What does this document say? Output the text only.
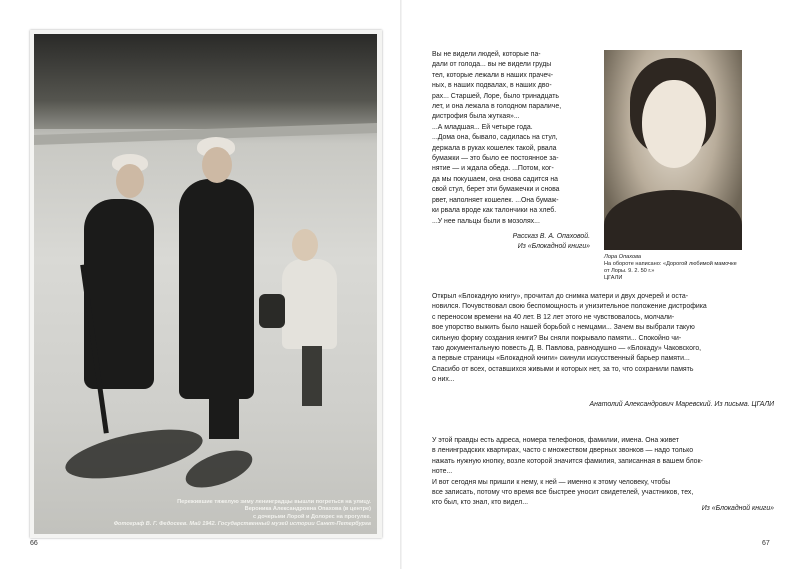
Пережившие тяжелую зиму ленинградцы вышли погреться на улицу.
Вероника Александровна Опахова (в центре)
с дочерьми Лорой и Долорес на прогулке.
Фотограф В. Г. Федосеев. Май 1942. Государственный музей истории Санкт-Петербурга
66
Вы не видели людей, которые па-
дали от голода... вы не видели груды
тел, которые лежали в наших прачеч-
ных, в наших подвалах, в наших дво-
рах... Старшей, Лоре, было тринадцать
лет, и она лежала в голодном параличе,
дистрофия была жуткая»...
...А младшая... Ей четыре года.
...Дома она, бывало, садилась на стул,
держала в руках кошелек такой, рвала
бумажки — это было ее постоянное за-
нятие — и ждала обеда. ...Потом, ког-
да мы покушаем, она снова садится на
свой стул, берет эти бумажечки и снова
рвет, наполняет кошелек. ...Она бумаж-
ки рвала вроде как талончики на хлеб.
...У нее пальцы были в мозолях...
Рассказ В. А. Опаховой.
Из «Блокадной книги»
Лора Опахова
На обороте написано: «Дорогой любимой мамочке
от Лоры. 9. 2. 50 г.»
ЦГАЛИ
Открыл «Блокадную книгу», прочитал до снимка матери и двух дочерей и оста-
новился. Почувствовал свою беспомощность и унизительное положение дистрофика
с переносом времени на 40 лет. В 12 лет этого не чувствовалось, молчали-
вое упорство выжить было нашей борьбой с немцами... Зачем вы выбрали такую
сильную форму создания книги? Вы сняли покрывало памяти... Спокойно чи-
таю документальную повесть Д. В. Павлова, равнодушно — «Блокаду» Чаковского,
а первые страницы «Блокадной книги» скинули искусственный барьер памяти...
Спасибо от всех, оставшихся живыми и которых нет, за то, что сохранили память
о них...
Анатолий Александрович Маревский. Из письма. ЦГАЛИ
У этой правды есть адреса, номера телефонов, фамилии, имена. Она живет
в ленинградских квартирах, часто с множеством дверных звонков — надо только
нажать нужную кнопку, возле которой значится фамилия, записанная в вашем блок-
ноте...
И вот сегодня мы пришли к нему, к ней — именно к этому человеку, чтобы
все записать, потому что время все быстрее уносит свидетелей, участников, тех,
кто был, кто знал, кто видел...
Из «Блокадной книги»
67
